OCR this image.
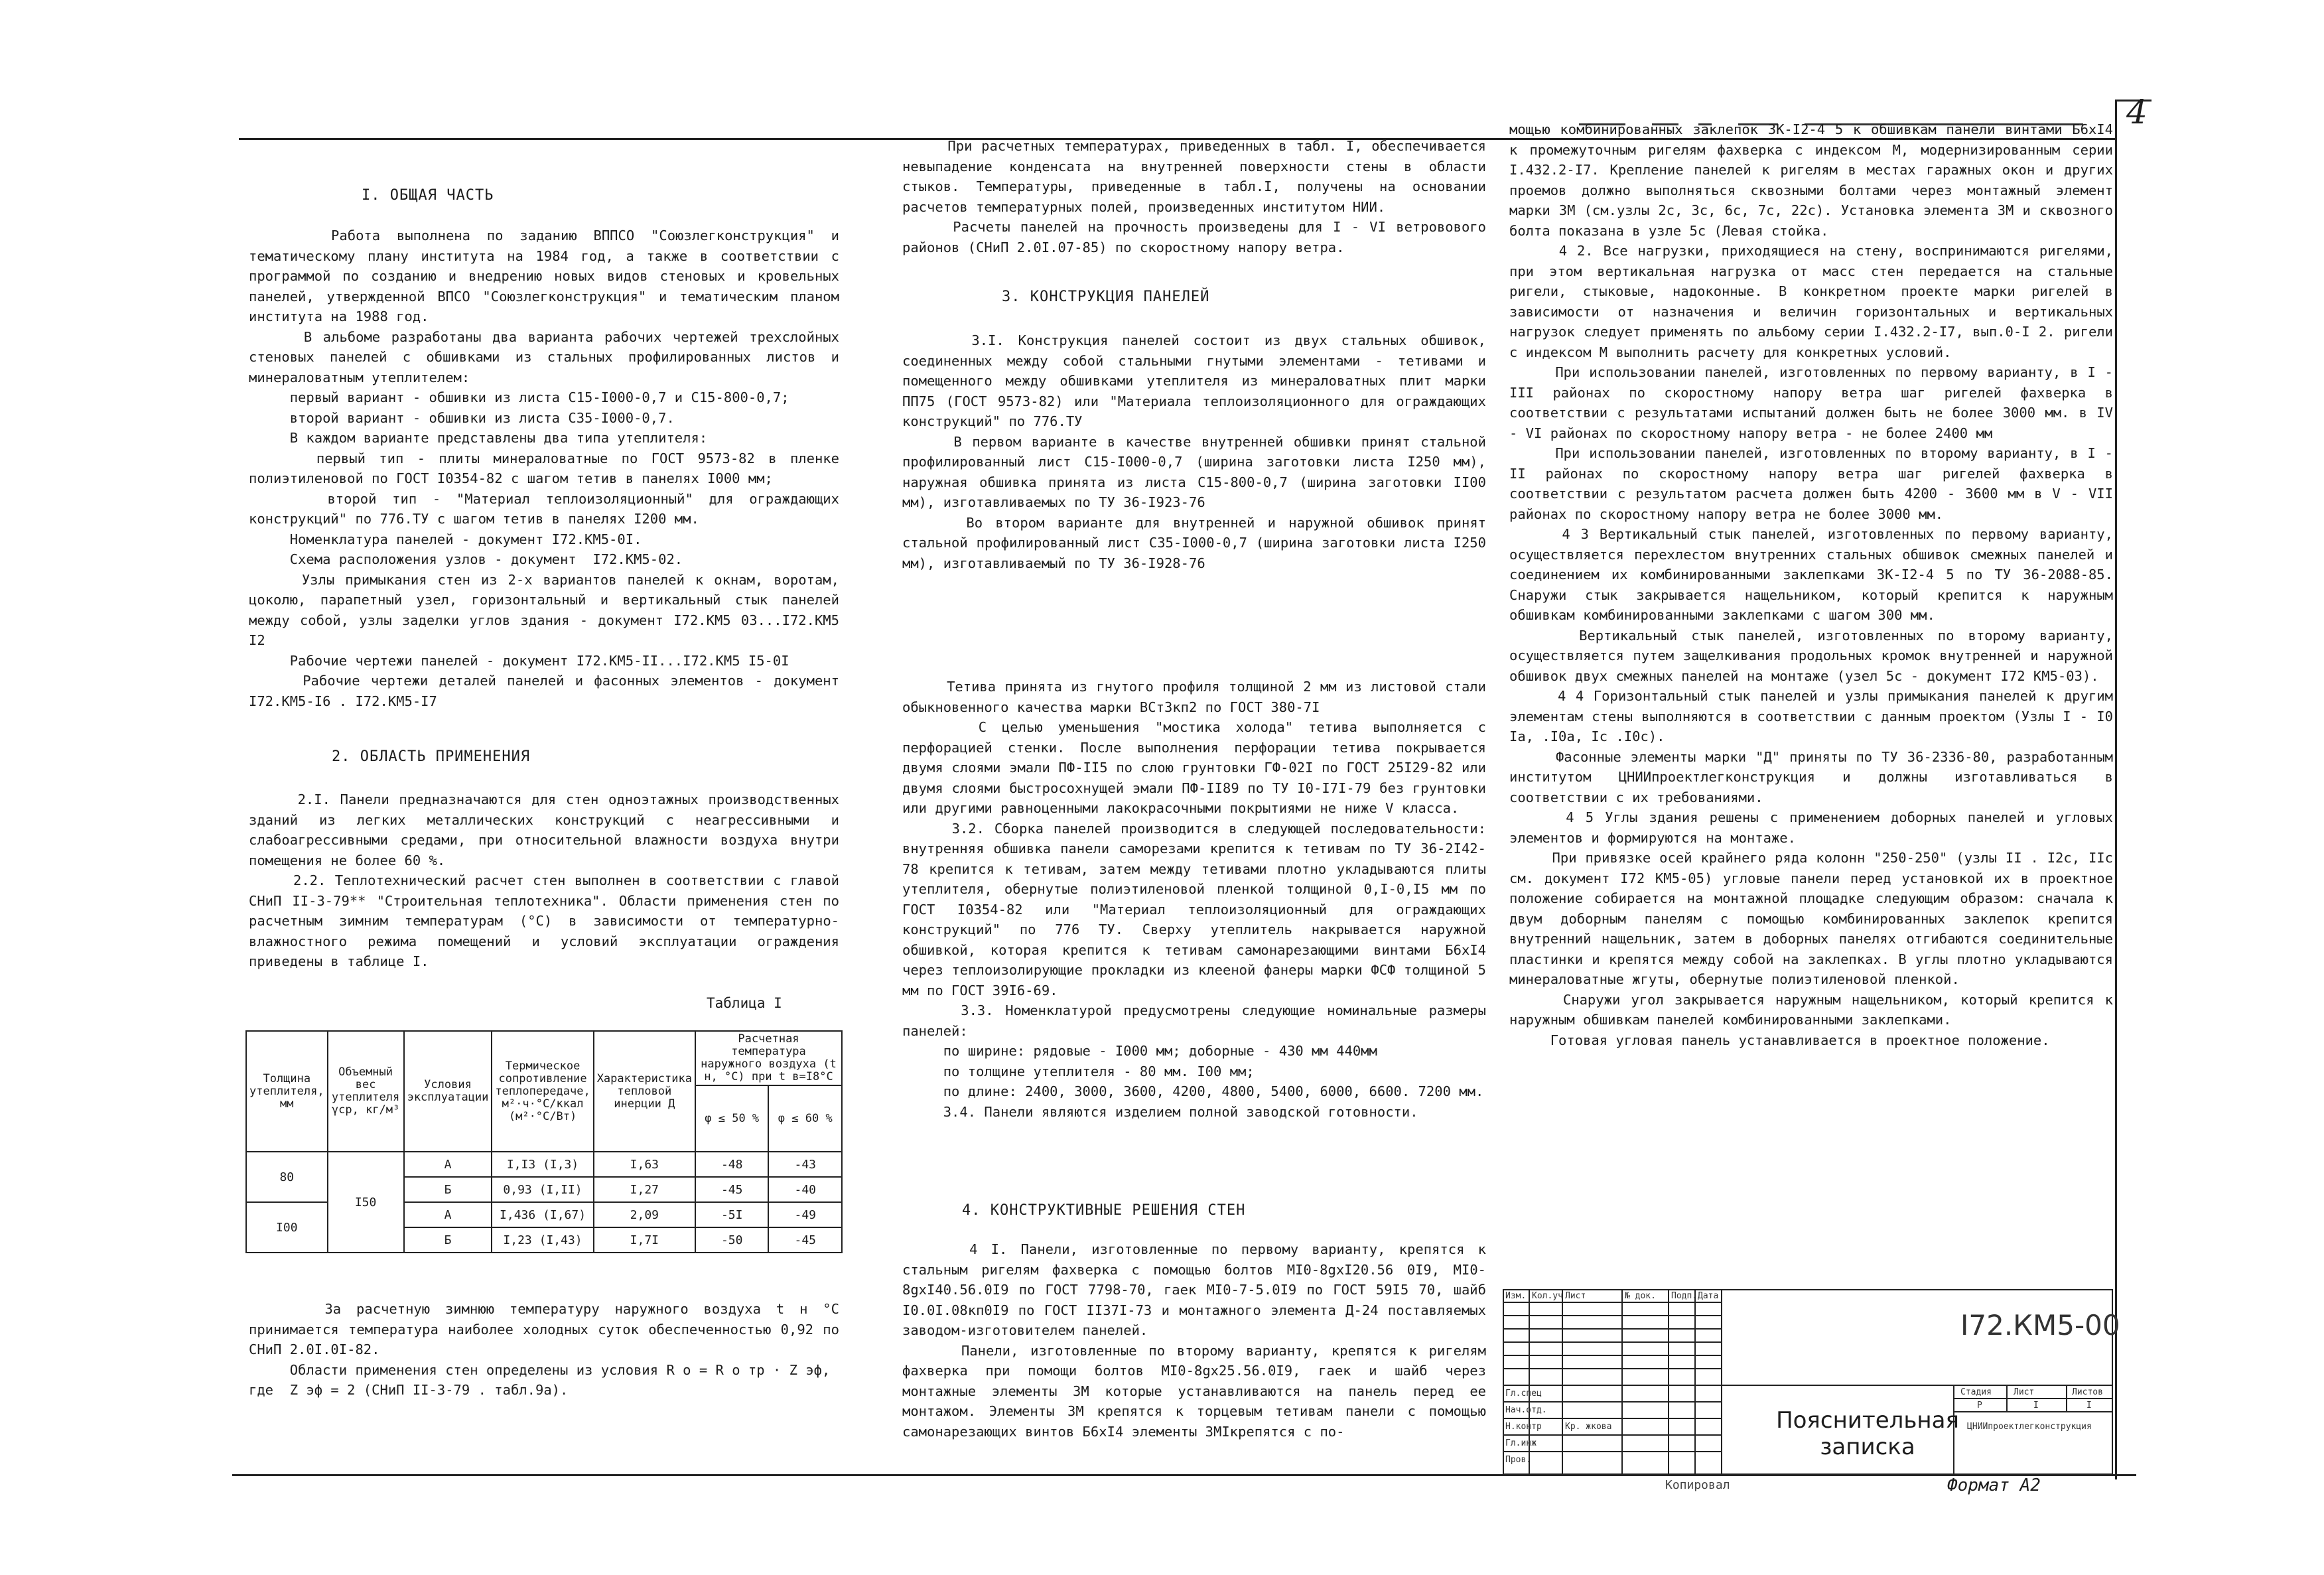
4
I. ОБЩАЯ ЧАСТЬ
Работа выполнена по заданию ВППСО "Союзлегконструкция" и тематическому плану института на 1984 год, а также в соответствии с программой по созданию и внедрению новых видов стеновых и кровельных панелей, утвержденной ВПСО "Союзлегконструкция" и тематическим планом института на 1988 год.
В альбоме разработаны два варианта рабочих чертежей трехслойных стеновых панелей с обшивками из стальных профилированных листов и минераловатным утеплителем:
первый вариант - обшивки из листа С15-I000-0,7 и С15-800-0,7;
второй вариант - обшивки из листа С35-I000-0,7.
В каждом варианте представлены два типа утеплителя:
первый тип - плиты минераловатные по ГОСТ 9573-82 в пленке полиэтиленовой по ГОСТ I0354-82 с шагом тетив в панелях I000 мм;
второй тип - "Материал теплоизоляционный" для ограждающих конструкций" по 776.ТУ с шагом тетив в панелях I200 мм.
Номенклатура панелей - документ I72.КМ5-0I.
Схема расположения узлов - документ  I72.КМ5-02.
Узлы примыкания стен из 2-х вариантов панелей к окнам, воротам, цоколю, парапетный узел, горизонтальный и вертикальный стык панелей между собой, узлы заделки углов здания - документ I72.КМ5 03...I72.КМ5 I2
Рабочие чертежи панелей - документ I72.КМ5-II...I72.КМ5 I5-0I
Рабочие чертежи деталей панелей и фасонных элементов - документ I72.КМ5-I6 . I72.КМ5-I7
2. ОБЛАСТЬ ПРИМЕНЕНИЯ
2.I. Панели предназначаются для стен одноэтажных производственных зданий из легких металлических конструкций с неагрессивными и слабоагрессивными средами, при относительной влажности воздуха внутри помещения не более 60 %.
2.2. Теплотехнический расчет стен выполнен в соответствии с главой СНиП II-3-79** "Строительная теплотехника". Области применения стен по расчетным зимним температурам (°С) в зависимости от температурно-влажностного режима помещений и условий эксплуатации ограждения приведены в таблице I.
Таблица I
Толщина утеплителя, мм	Объемный вес утеплителя γср, кг/м³	Условия эксплуатации	Термическое сопротивление теплопередаче, м²·ч·°С/ккал (м²·°С/Вт)	Характеристика тепловой инерции Д	Расчетная температура наружного воздуха (t н, °С) при t в=I8°С	
					φ ≤ 50 %	φ ≤ 60 %
80	I50	А	I,I3 (I,3)	I,63	-48	-43
		Б	0,93 (I,II)	I,27	-45	-40
I00		А	I,436 (I,67)	2,09	-5I	-49
		Б	I,23 (I,43)	I,7I	-50	-45
За расчетную зимнюю температуру наружного воздуха t н °С принимается температура наиболее холодных суток обеспеченностью 0,92 по СНиП 2.0I.0I-82.
Области применения стен определены из условия R о = R о тр · Z эф,
где  Z эф = 2 (СНиП II-3-79 . табл.9а).
При расчетных температурах, приведенных в табл. I, обеспечивается невыпадение конденсата на внутренней поверхности стены в области стыков. Температуры, приведенные в табл.I, получены на основании расчетов температурных полей, произведенных институтом НИИ.
Расчеты панелей на прочность произведены для I - VI ветровового районов (СНиП 2.0I.07-85) по скоростному напору ветра.
3. КОНСТРУКЦИЯ ПАНЕЛЕЙ
3.I. Конструкция панелей состоит из двух стальных обшивок, соединенных между собой стальными гнутыми элементами - тетивами и помещенного между обшивками утеплителя из минераловатных плит марки ПП75 (ГОСТ 9573-82) или "Материала теплоизоляционного для ограждающих конструкций" по 776.ТУ
В первом варианте в качестве внутренней обшивки принят стальной профилированный лист С15-I000-0,7 (ширина заготовки листа I250 мм), наружная обшивка принята из листа С15-800-0,7 (ширина заготовки II00 мм), изготавливаемых по ТУ 36-I923-76
Во втором варианте для внутренней и наружной обшивок принят стальной профилированный лист С35-I000-0,7 (ширина заготовки листа I250 мм), изготавливаемый по ТУ 36-I928-76
Тетива принята из гнутого профиля толщиной 2 мм из листовой стали обыкновенного качества марки ВСт3кп2 по ГОСТ 380-7I
С целью уменьшения "мостика холода" тетива выполняется с перфорацией стенки. После выполнения перфорации тетива покрывается двумя слоями эмали ПФ-II5 по слою грунтовки ГФ-02I по ГОСТ 25I29-82 или двумя слоями быстросохнущей эмали ПФ-II89 по ТУ I0-I7I-79 без грунтовки или другими равноценными лакокрасочными покрытиями не ниже V класса.
3.2. Сборка панелей производится в следующей последовательности: внутренняя обшивка панели саморезами крепится к тетивам по ТУ 36-2I42-78 крепится к тетивам, затем между тетивами плотно укладываются плиты утеплителя, обернутые полиэтиленовой пленкой толщиной 0,I-0,I5 мм по ГОСТ I0354-82 или "Материал теплоизоляционный для ограждающих конструкций" по 776 ТУ. Сверху утеплитель накрывается наружной обшивкой, которая крепится к тетивам самонарезающими винтами Б6хI4 через теплоизолирующие прокладки из клееной фанеры марки ФСФ толщиной 5 мм по ГОСТ 39I6-69.
3.3. Номенклатурой предусмотрены следующие номинальные размеры панелей:
по ширине: рядовые - I000 мм; доборные - 430 мм 440мм
по толщине утеплителя - 80 мм. I00 мм;
по длине: 2400, 3000, 3600, 4200, 4800, 5400, 6000, 6600. 7200 мм.
3.4. Панели являются изделием полной заводской готовности.
4. КОНСТРУКТИВНЫЕ РЕШЕНИЯ СТЕН
4 I. Панели, изготовленные по первому варианту, крепятся к стальным ригелям фахверка с помощью болтов МI0-8gхI20.56 0I9, МI0-8gхI40.56.0I9 по ГОСТ 7798-70, гаек МI0-7-5.0I9 по ГОСТ 59I5 70, шайб I0.0I.08кп0I9 по ГОСТ II37I-73 и монтажного элемента Д-24 поставляемых заводом-изготовителем панелей.
Панели, изготовленные по второму варианту, крепятся к ригелям фахверка при помощи болтов МI0-8gх25.56.0I9, гаек и шайб через монтажные элементы 3М которые устанавливаются на панель перед ее монтажом. Элементы 3М крепятся к торцевым тетивам панели с помощью самонарезающих винтов Б6хI4 элементы 3МIкрепятся с по-
мощью комбинированных заклепок ЗК-I2-4 5 к обшивкам панели винтами Б6хI4 к промежуточным ригелям фахверка с индексом М, модернизированным серии I.432.2-I7. Крепление панелей к ригелям в местах гаражных окон и других проемов должно выполняться сквозными болтами через монтажный элемент марки ЗМ (см.узлы 2с, 3с, 6с, 7с, 22с). Установка элемента ЗМ и сквозного болта показана в узле 5с (Левая стойка.
4 2. Все нагрузки, приходящиеся на стену, воспринимаются ригелями, при этом вертикальная нагрузка от масс стен передается на стальные ригели, стыковые, надоконные. В конкретном проекте марки ригелей в зависимости от назначения и величин горизонтальных и вертикальных нагрузок следует применять по альбому серии I.432.2-I7, вып.0-I 2. ригели с индексом М выполнить расчету для конкретных условий.
При использовании панелей, изготовленных по первому варианту, в I - III районах по скоростному напору ветра шаг ригелей фахверка в соответствии с результатами испытаний должен быть не более 3000 мм. в IV - VI районах по скоростному напору ветра - не более 2400 мм
При использовании панелей, изготовленных по второму варианту, в I - II районах по скоростному напору ветра шаг ригелей фахверка в соответствии с результатом расчета должен быть 4200 - 3600 мм в V - VII районах по скоростному напору ветра не более 3000 мм.
4 3 Вертикальный стык панелей, изготовленных по первому варианту, осуществляется перехлестом внутренних стальных обшивок смежных панелей и соединением их комбинированными заклепками ЗК-I2-4 5 по ТУ 36-2088-85. Снаружи стык закрывается нащельником, который крепится к наружным обшивкам комбинированными заклепками с шагом 300 мм.
Вертикальный стык панелей, изготовленных по второму варианту, осуществляется путем защелкивания продольных кромок внутренней и наружной обшивок двух смежных панелей на монтаже (узел 5с - документ I72 КМ5-03).
4 4 Горизонтальный стык панелей и узлы примыкания панелей к другим элементам стены выполняются в соответствии с данным проектом (Узлы I - I0 Iа, .I0а, Iс .I0с).
Фасонные элементы марки "Д" приняты по ТУ 36-2336-80, разработанным институтом ЦНИИпроектлегконструкция и должны изготавливаться в соответствии с их требованиями.
4 5 Углы здания решены с применением доборных панелей и угловых элементов и формируются на монтаже.
При привязке осей крайнего ряда колонн "250-250" (узлы II . I2с, IIс см. документ I72 КМ5-05) угловые панели перед установкой их в проектное положение собирается на монтажной площадке следующим образом: сначала к двум доборным панелям с помощью комбинированных заклепок крепится внутренний нащельник, затем в доборных панелях отгибаются соединительные пластинки и крепятся между собой на заклепках. В углы плотно укладываются минераловатные жгуты, обернутые полиэтиленовой пленкой.
Снаружи угол закрывается наружным нащельником, который крепится к наружным обшивкам панелей комбинированными заклепками.
Готовая угловая панель устанавливается в проектное положение.
I72.КМ5-00
Пояснительная записка
Стадия	Лист	Листов
Р	I	I
ЦНИИпроектлегконструкция
Изм. Кол.уч Лист	№ док. Подп. Дата
Гл.спец
Нач.отд.
Н.контр
Гл.инж
Пров.
Кр. жкова
Копировал	Формат А2
